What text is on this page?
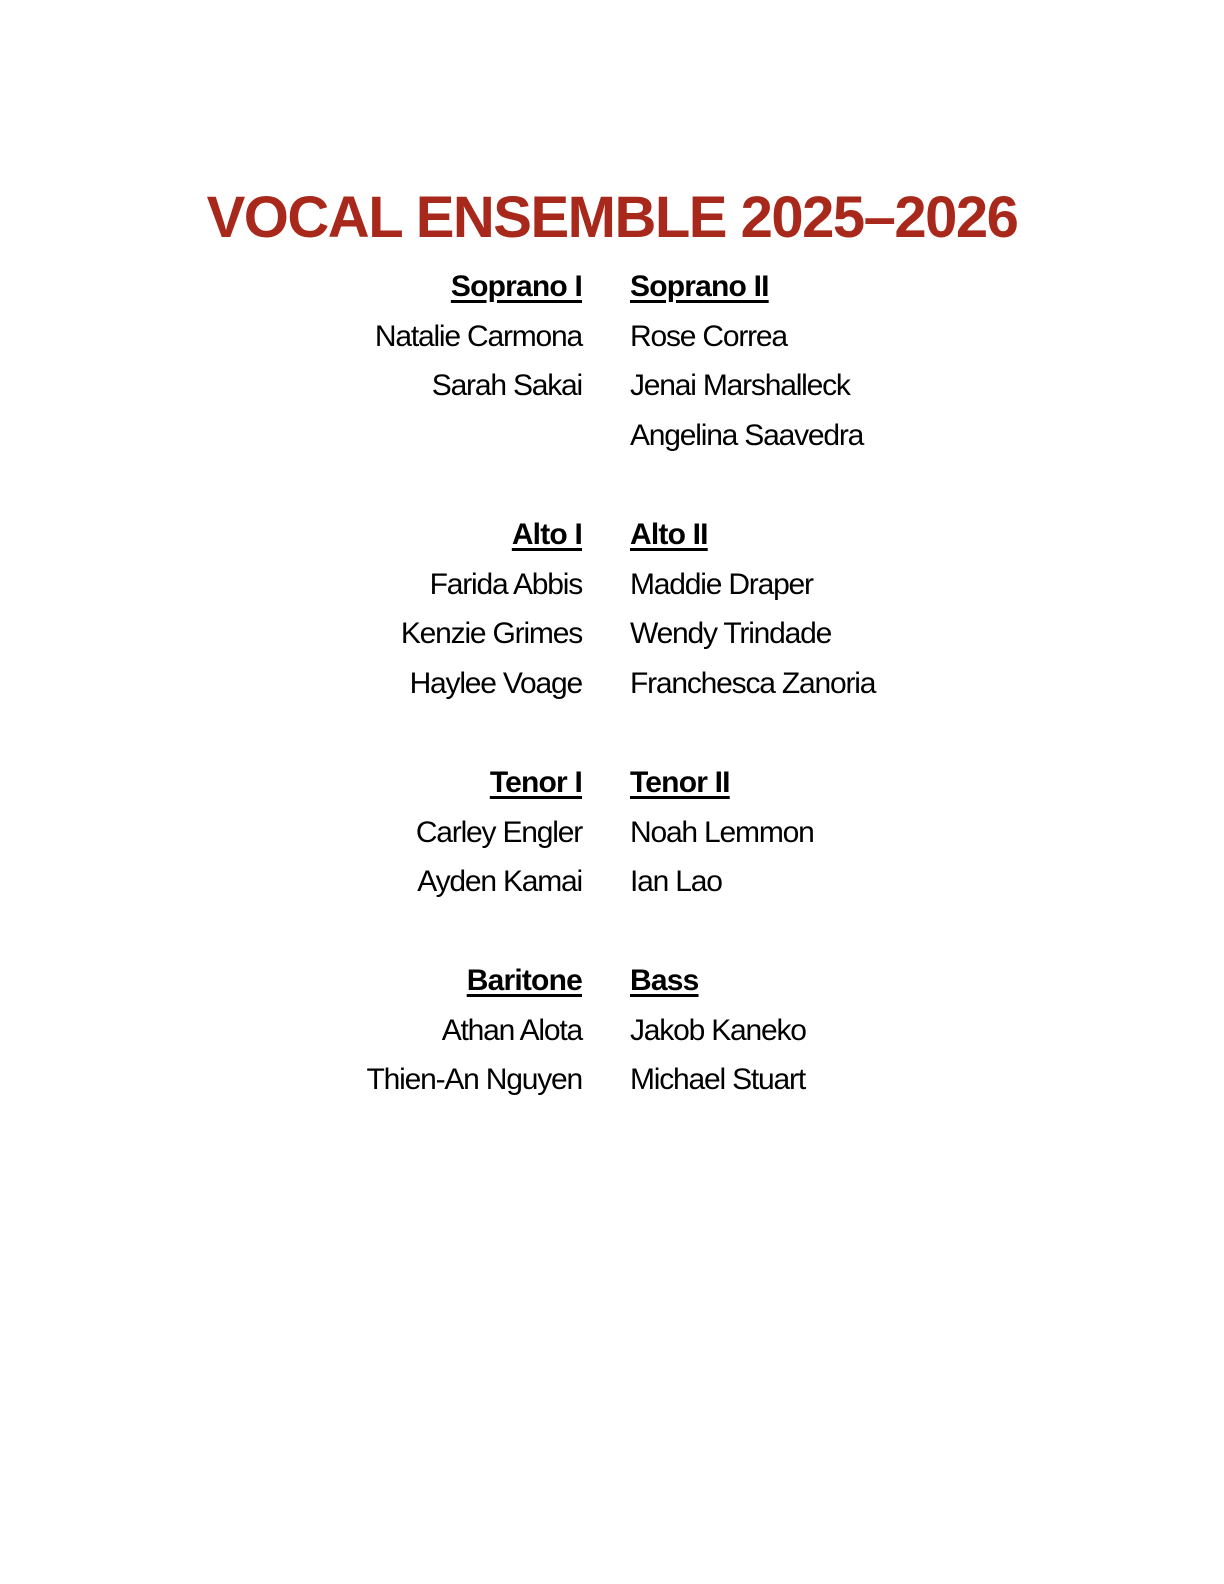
VOCAL ENSEMBLE 2025–2026
Soprano I
Natalie Carmona
Sarah Sakai
Soprano II
Rose Correa
Jenai Marshalleck
Angelina Saavedra
Alto I
Farida Abbis
Kenzie Grimes
Haylee Voage
Alto II
Maddie Draper
Wendy Trindade
Franchesca Zanoria
Tenor I
Carley Engler
Ayden Kamai
Tenor II
Noah Lemmon
Ian Lao
Baritone
Athan Alota
Thien-An Nguyen
Bass
Jakob Kaneko
Michael Stuart
